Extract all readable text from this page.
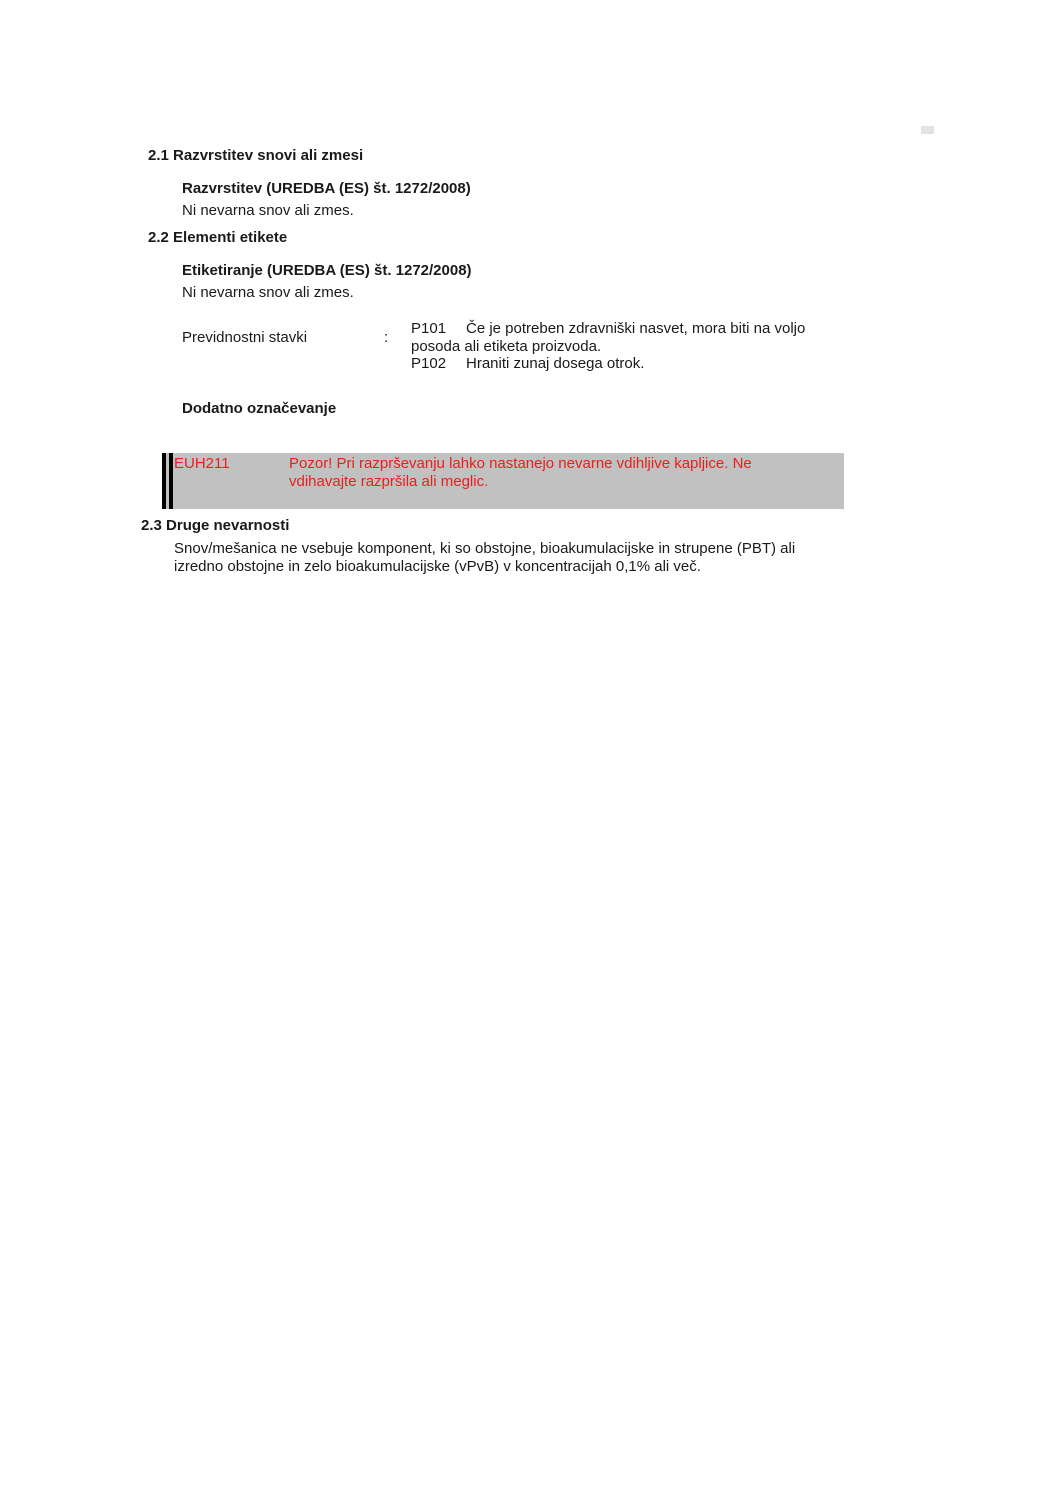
2.1 Razvrstitev snovi ali zmesi
Razvrstitev (UREDBA (ES) št. 1272/2008)
Ni nevarna snov ali zmes.
2.2 Elementi etikete
Etiketiranje (UREDBA (ES) št. 1272/2008)
Ni nevarna snov ali zmes.
Previdnostni stavki	:
P101 Če je potreben zdravniški nasvet, mora biti na voljo
posoda ali etiketa proizvoda.
P102 Hraniti zunaj dosega otrok.
Dodatno označevanje
EUH211	Pozor! Pri razprševanju lahko nastanejo nevarne vdihljive kapljice. Ne
vdihavajte razpršila ali meglic.
2.3 Druge nevarnosti
Snov/mešanica ne vsebuje komponent, ki so obstojne, bioakumulacijske in strupene (PBT) ali
izredno obstojne in zelo bioakumulacijske (vPvB) v koncentracijah 0,1% ali več.
